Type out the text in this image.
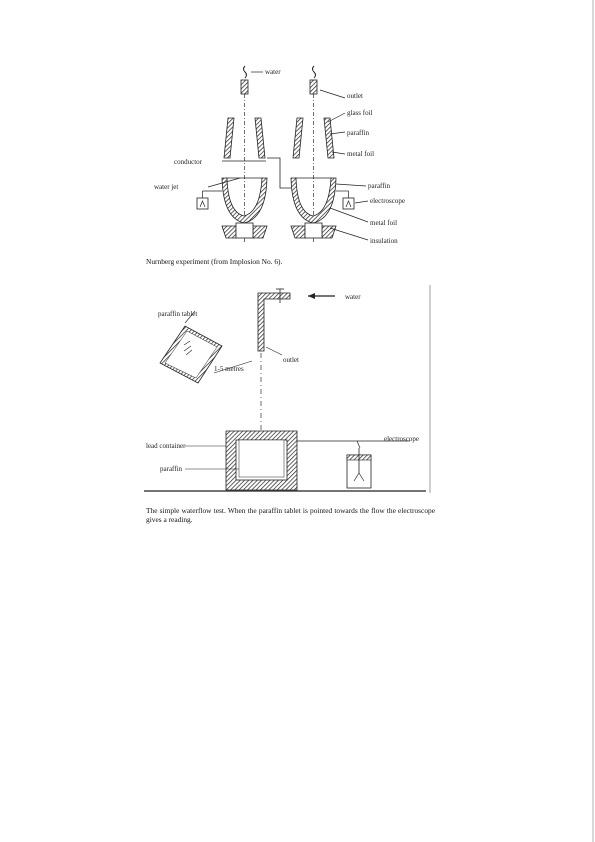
water
outlet
glass foil
paraffin
metal foil
conductor
water jet	paraffin
electroscope
metal foil
insulation
Nurnberg experiment (from Implosion No. 6).
water
paraffin tablet
outlet
1-5 metres
lead container
paraffin
electroscope
The simple waterflow test. When the paraffin tablet is pointed towards the flow the electroscope gives a reading.
